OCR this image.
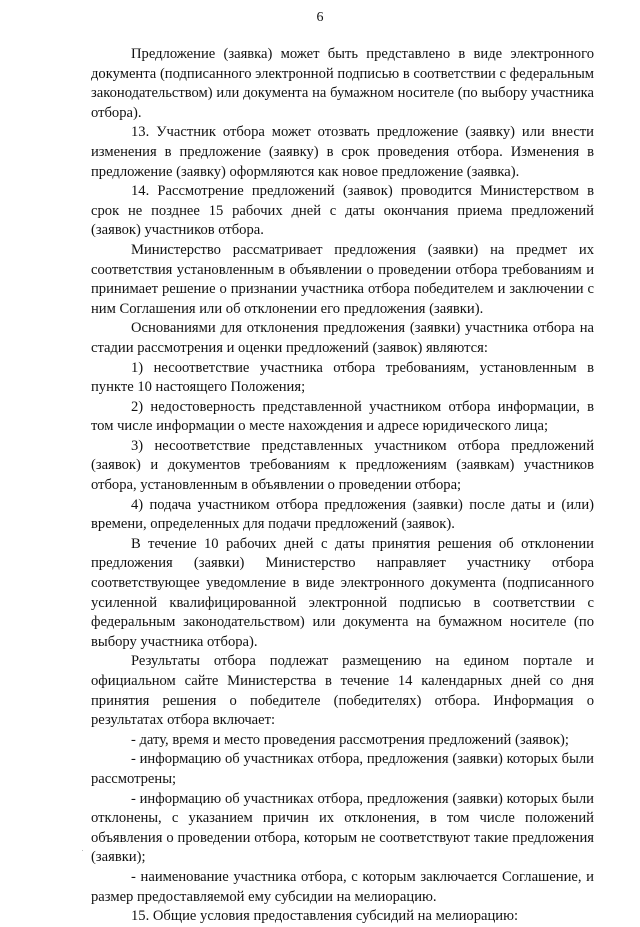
6

Предложение (заявка) может быть представлено в виде электронного документа (подписанного электронной подписью в соответствии с федеральным законодательством) или документа на бумажном носителе (по выбору участника отбора).

13. Участник отбора может отозвать предложение (заявку) или внести изменения в предложение (заявку) в срок проведения отбора. Изменения в предложение (заявку) оформляются как новое предложение (заявка).

14. Рассмотрение предложений (заявок) проводится Министерством в срок не позднее 15 рабочих дней с даты окончания приема предложений (заявок) участников отбора.

Министерство рассматривает предложения (заявки) на предмет их соответствия установленным в объявлении о проведении отбора требованиям и принимает решение о признании участника отбора победителем и заключении с ним Соглашения или об отклонении его предложения (заявки).

Основаниями для отклонения предложения (заявки) участника отбора на стадии рассмотрения и оценки предложений (заявок) являются:

1) несоответствие участника отбора требованиям, установленным в пункте 10 настоящего Положения;

2) недостоверность представленной участником отбора информации, в том числе информации о месте нахождения и адресе юридического лица;

3) несоответствие представленных участником отбора предложений (заявок) и документов требованиям к предложениям (заявкам) участников отбора, установленным в объявлении о проведении отбора;

4) подача участником отбора предложения (заявки) после даты и (или) времени, определенных для подачи предложений (заявок).

В течение 10 рабочих дней с даты принятия решения об отклонении предложения (заявки) Министерство направляет участнику отбора соответствующее уведомление в виде электронного документа (подписанного усиленной квалифицированной электронной подписью в соответствии с федеральным законодательством) или документа на бумажном носителе (по выбору участника отбора).

Результаты отбора подлежат размещению на едином портале и официальном сайте Министерства в течение 14 календарных дней со дня принятия решения о победителе (победителях) отбора. Информация о результатах отбора включает:

- дату, время и место проведения рассмотрения предложений (заявок);

- информацию об участниках отбора, предложения (заявки) которых были рассмотрены;

- информацию об участниках отбора, предложения (заявки) которых были отклонены, с указанием причин их отклонения, в том числе положений объявления о проведении отбора, которым не соответствуют такие предложения (заявки);

- наименование участника отбора, с которым заключается Соглашение, и размер предоставляемой ему субсидии на мелиорацию.

15. Общие условия предоставления субсидий на мелиорацию:
